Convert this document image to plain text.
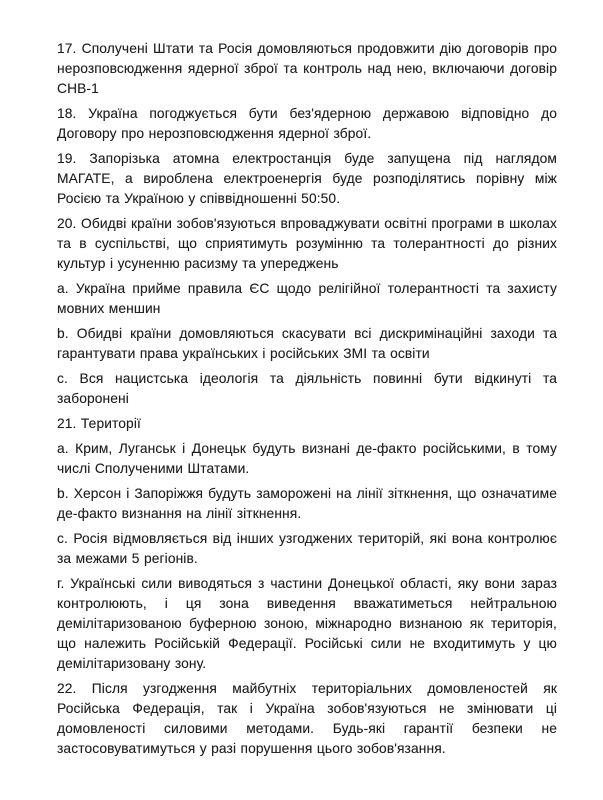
17. Сполучені Штати та Росія домовляються продовжити дію договорів про нерозповсюдження ядерної зброї та контроль над нею, включаючи договір СНВ-1

18. Україна погоджується бути без'ядерною державою відповідно до Договору про нерозповсюдження ядерної зброї.

19. Запорізька атомна електростанція буде запущена під наглядом МАГАТЕ, а вироблена електроенергія буде розподілятись порівну між Росією та Україною у співвідношенні 50:50.

20. Обидві країни зобов'язуються впроваджувати освітні програми в школах та в суспільстві, що сприятимуть розумінню та толерантності до різних культур і усуненню расизму та упереджень

a. Україна прийме правила ЄС щодо релігійної толерантності та захисту мовних меншин

b. Обидві країни домовляються скасувати всі дискримінаційні заходи та гарантувати права українських і російських ЗМІ та освіти

c. Вся нацистська ідеологія та діяльність повинні бути відкинуті та заборонені

21. Території

a. Крим, Луганськ і Донецьк будуть визнані де-факто російськими, в тому числі Сполученими Штатами.

b. Херсон і Запоріжжя будуть заморожені на лінії зіткнення, що означатиме де-факто визнання на лінії зіткнення.

c. Росія відмовляється від інших узгоджених територій, які вона контролює за межами 5 регіонів.

г. Українські сили виводяться з частини Донецької області, яку вони зараз контролюють, і ця зона виведення вважатиметься нейтральною демілітаризованою буферною зоною, міжнародно визнаною як територія, що належить Російській Федерації. Російські сили не входитимуть у цю демілітаризовану зону.

22. Після узгодження майбутніх територіальних домовленостей як Російська Федерація, так і Україна зобов'язуються не змінювати ці домовленості силовими методами. Будь-які гарантії безпеки не застосовуватимуться у разі порушення цього зобов'язання.
